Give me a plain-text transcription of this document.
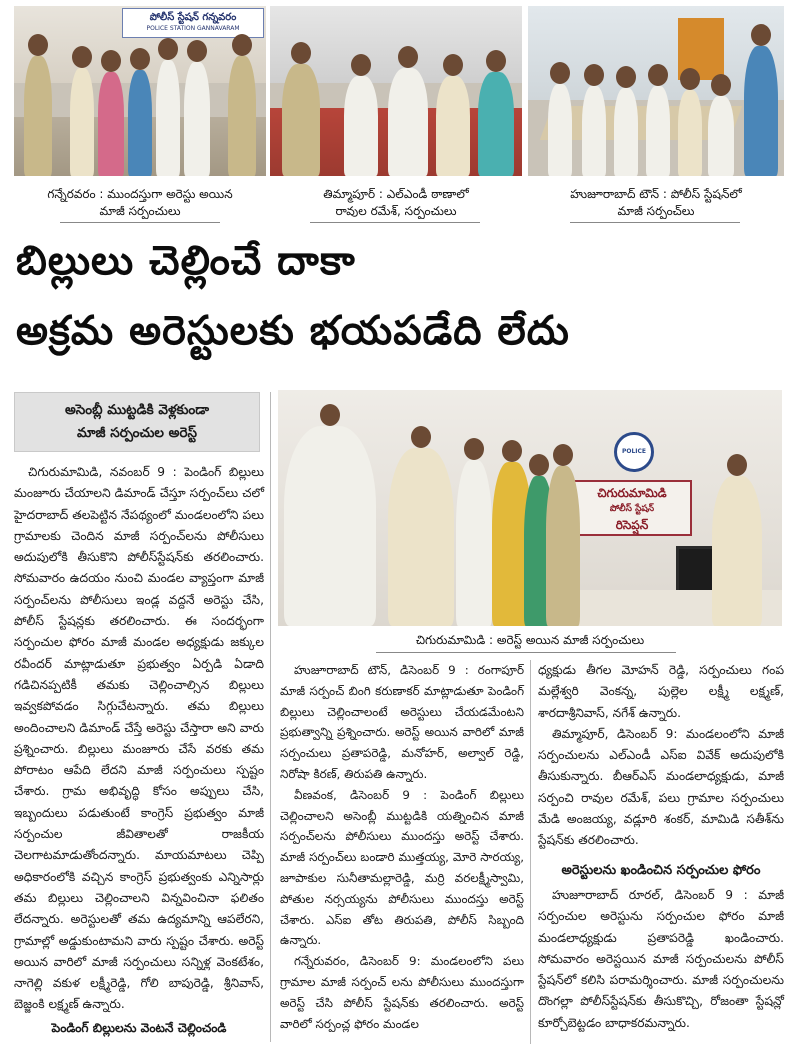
పోలీస్ స్టేషన్ గన్నవరం
POLICE STATION GANNAVARAM
గన్నేరవరం : ముందస్తుగా అరెస్టు అయిన
మాజీ సర్పంచులు
తిమ్మాపూర్ : ఎల్ఎండీ ఠాణాలో
రావుల రమేశ్, సర్పంచులు
హుజూరాబాద్ టౌన్ : పోలీస్ స్టేషన్‌లో
మాజీ సర్పంచ్‌లు
బిల్లులు చెల్లించే దాకా
అక్రమ అరెస్టులకు భయపడేది లేదు
అసెంబ్లీ ముట్టడికి వెళ్లకుండా
మాజీ సర్పంచుల అరెస్ట్
POLICE
చిగురుమామిడి
పోలీస్ స్టేషన్
రిసెప్షన్
చిగురుమామిడి : అరెస్ట్ అయిన మాజీ సర్పంచులు

చిగురుమామిడి, నవంబర్ 9 : పెండింగ్ బిల్లులు మంజూరు చేయాలని డిమాండ్ చేస్తూ సర్పంచ్‌లు చలో హైదరాబాద్ తలపెట్టిన నేపథ్యంలో మండలంలోని పలు గ్రామాలకు చెందిన మాజీ సర్పంచ్‌లను పోలీసులు అదుపులోకి తీసుకొని పోలీస్‌స్టేషన్‌కు తరలించారు. సోమవారం ఉదయం నుంచి మండల వ్యాప్తంగా మాజీ సర్పంచ్‌లను పోలీసులు ఇండ్ల వద్దనే అరెస్టు చేసి, పోలీస్ స్టేషన్లకు తరలించారు. ఈ సందర్భంగా సర్పంచుల ఫోరం మాజీ మండల అధ్యక్షుడు జక్కుల రవీందర్ మాట్లాడుతూ ప్రభుత్వం ఏర్పడి ఏడాది గడిచినప్పటికీ తమకు చెల్లించాల్సిన బిల్లులు ఇవ్వకపోవడం సిగ్గుచేటన్నారు. తమ బిల్లులు అందించాలని డిమాండ్ చేస్తే అరెస్టు చేస్తారా అని వారు ప్రశ్నించారు. బిల్లులు మంజూరు చేసే వరకు తమ పోరాటం ఆపేది లేదని మాజీ సర్పంచులు స్పష్టం చేశారు. గ్రామ అభివృద్ధి కోసం అప్పులు చేసి, ఇబ్బందులు పడుతుంటే కాంగ్రెస్ ప్రభుత్వం మాజీ సర్పంచుల జీవితాలతో రాజకీయ చెలగాటమాడుతోందన్నారు. మాయమాటలు చెప్పి అధికారంలోకి వచ్చిన కాంగ్రెస్ ప్రభుత్వంకు ఎన్నిసార్లు తమ బిల్లులు చెల్లించాలని విన్నవించినా ఫలితం లేదన్నారు. అరెస్టులతో తమ ఉద్యమాన్ని ఆపలేరని, గ్రామాల్లో అడ్డుకుంటామని వారు స్పష్టం చేశారు. అరెస్ట్ అయిన వారిలో మాజీ సర్పంచులు సన్నిళ్ల వెంకటేశం, నాగెల్లి వకుళ లక్ష్మీరెడ్డి, గోలి బాపురెడ్డి, శ్రీనివాస్, బెజ్జంకి లక్ష్మణ్ ఉన్నారు.

పెండింగ్ బిల్లులను వెంటనే చెల్లించండి

హుజూరాబాద్ టౌన్, డిసెంబర్ 9 : రంగాపూర్ మాజీ సర్పంచ్ బింగి కరుణాకర్ మాట్లాడుతూ పెండింగ్ బిల్లులు చెల్లించాలంటే అరెస్టులు చేయడమేంటని ప్రభుత్వాన్ని ప్రశ్నించారు. అరెస్ట్ అయిన వారిలో మాజీ సర్పంచులు ప్రతాపరెడ్డి, మనోహర్, అల్వాల్ రెడ్డి, నిరోషా కిరణ్, తిరుపతి ఉన్నారు.

వీణవంక, డిసెంబర్ 9 : పెండింగ్ బిల్లులు చెల్లించాలని అసెంబ్లీ ముట్టడికి యత్నించిన మాజీ సర్పంచ్‌లను పోలీసులు ముందస్తు అరెస్ట్ చేశారు. మాజీ సర్పంచ్‌లు బండారి ముత్తయ్య, మోరె సారయ్య, జూపాకుల సునీతామల్లారెడ్డి, మర్రి వరలక్ష్మీస్వామి, పోతుల నర్సయ్యను పోలీసులు ముందస్తు అరెస్ట్ చేశారు. ఎస్ఐ తోట తిరుపతి, పోలీస్ సిబ్బంది ఉన్నారు.

గన్నేరువరం, డిసెంబర్ 9: మండలంలోని పలు గ్రామాల మాజీ సర్పంచ్ లను పోలీసులు ముందస్తుగా అరెస్ట్ చేసి పోలీస్ స్టేషన్‌కు తరలించారు. అరెస్ట్ వారిలో సర్పంచ్ల ఫోరం మండల

ధ్యక్షుడు తీగల మోహన్ రెడ్డి, సర్పంచులు గంప మల్లేశ్వరి వెంకన్న, పుల్లెల లక్ష్మీ లక్ష్మణ్, శారదాశ్రీనివాస్, నగేశ్ ఉన్నారు.

తిమ్మాపూర్, డిసెంబర్ 9: మండలంలోని మాజీ సర్పంచులను ఎల్ఎండీ ఎస్ఐ వివేక్ అదుపులోకి తీసుకున్నారు. బీఆర్ఎస్ మండలాధ్యక్షుడు, మాజీ సర్పంచి రావుల రమేశ్, పలు గ్రామాల సర్పంచులు మేడి అంజయ్య, వడ్లూరి శంకర్, మామిడి సతీశ్‌ను స్టేషన్‌కు తరలించారు.

అరెస్టులను ఖండించిన సర్పంచుల ఫోరం

హుజూరాబాద్ రూరల్, డిసెంబర్ 9 : మాజీ సర్పంచుల అరెస్టును సర్పంచుల ఫోరం మాజీ మండలాధ్యక్షుడు ప్రతాపరెడ్డి ఖండించారు. సోమవారం అరెస్టయిన మాజీ సర్పంచులను పోలీస్ స్టేషన్‌లో కలిసి పరామర్శించారు. మాజీ సర్పంచులను దొంగల్లా పోలీస్‌స్టేషన్‌కు తీసుకొచ్చి, రోజంతా స్టేషన్లో కూర్చోబెట్టడం బాధాకరమన్నారు.
